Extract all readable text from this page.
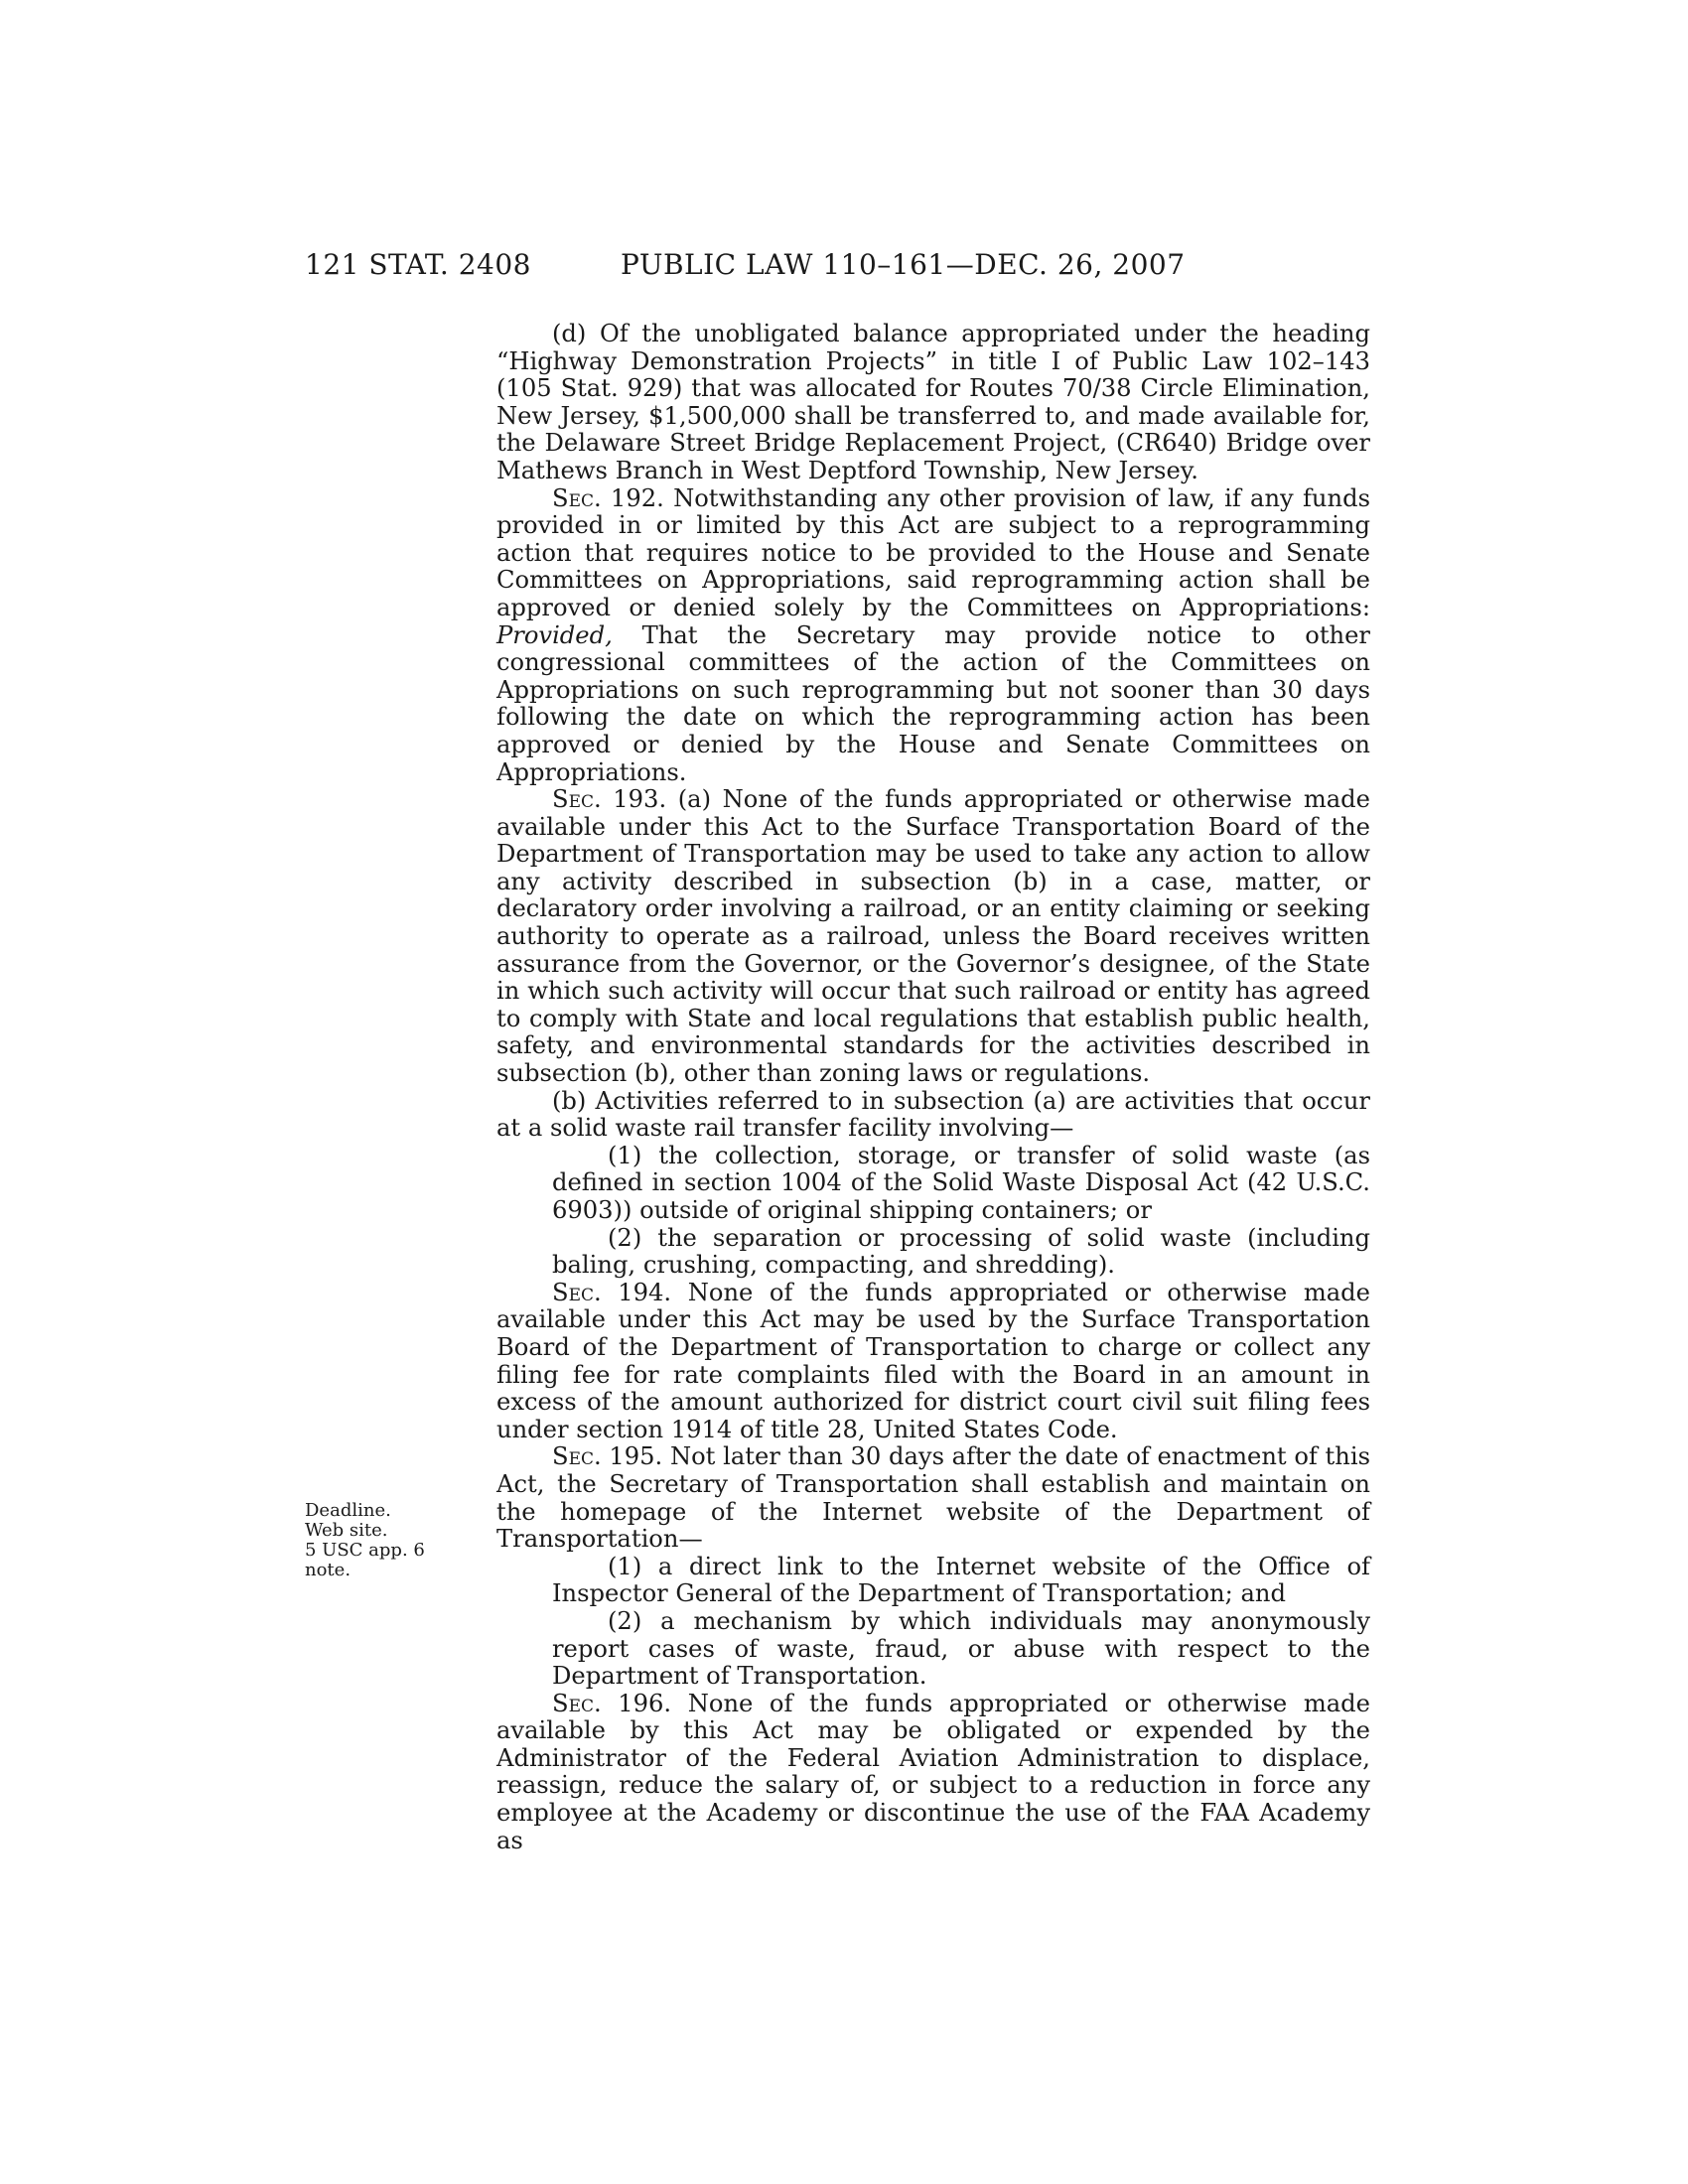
121 STAT. 2408	PUBLIC LAW 110–161—DEC. 26, 2007
Deadline.
Web site.
5 USC app. 6
note.

(d) Of the unobligated balance appropriated under the heading “Highway Demonstration Projects” in title I of Public Law 102–143 (105 Stat. 929) that was allocated for Routes 70/38 Circle Elimination, New Jersey, $1,500,000 shall be transferred to, and made available for, the Delaware Street Bridge Replacement Project, (CR640) Bridge over Mathews Branch in West Deptford Township, New Jersey.

Sec. 192. Notwithstanding any other provision of law, if any funds provided in or limited by this Act are subject to a reprogramming action that requires notice to be provided to the House and Senate Committees on Appropriations, said reprogramming action shall be approved or denied solely by the Committees on Appropriations: Provided, That the Secretary may provide notice to other congressional committees of the action of the Committees on Appropriations on such reprogramming but not sooner than 30 days following the date on which the reprogramming action has been approved or denied by the House and Senate Committees on Appropriations.

Sec. 193. (a) None of the funds appropriated or otherwise made available under this Act to the Surface Transportation Board of the Department of Transportation may be used to take any action to allow any activity described in subsection (b) in a case, matter, or declaratory order involving a railroad, or an entity claiming or seeking authority to operate as a railroad, unless the Board receives written assurance from the Governor, or the Governor’s designee, of the State in which such activity will occur that such railroad or entity has agreed to comply with State and local regulations that establish public health, safety, and environmental standards for the activities described in subsection (b), other than zoning laws or regulations.

(b) Activities referred to in subsection (a) are activities that occur at a solid waste rail transfer facility involving—

(1) the collection, storage, or transfer of solid waste (as defined in section 1004 of the Solid Waste Disposal Act (42 U.S.C. 6903)) outside of original shipping containers; or

(2) the separation or processing of solid waste (including baling, crushing, compacting, and shredding).

Sec. 194. None of the funds appropriated or otherwise made available under this Act may be used by the Surface Transportation Board of the Department of Transportation to charge or collect any filing fee for rate complaints filed with the Board in an amount in excess of the amount authorized for district court civil suit filing fees under section 1914 of title 28, United States Code.

Sec. 195. Not later than 30 days after the date of enactment of this Act, the Secretary of Transportation shall establish and maintain on the homepage of the Internet website of the Department of Transportation—

(1) a direct link to the Internet website of the Office of Inspector General of the Department of Transportation; and

(2) a mechanism by which individuals may anonymously report cases of waste, fraud, or abuse with respect to the Department of Transportation.

Sec. 196. None of the funds appropriated or otherwise made available by this Act may be obligated or expended by the Administrator of the Federal Aviation Administration to displace, reassign, reduce the salary of, or subject to a reduction in force any employee at the Academy or discontinue the use of the FAA Academy as
